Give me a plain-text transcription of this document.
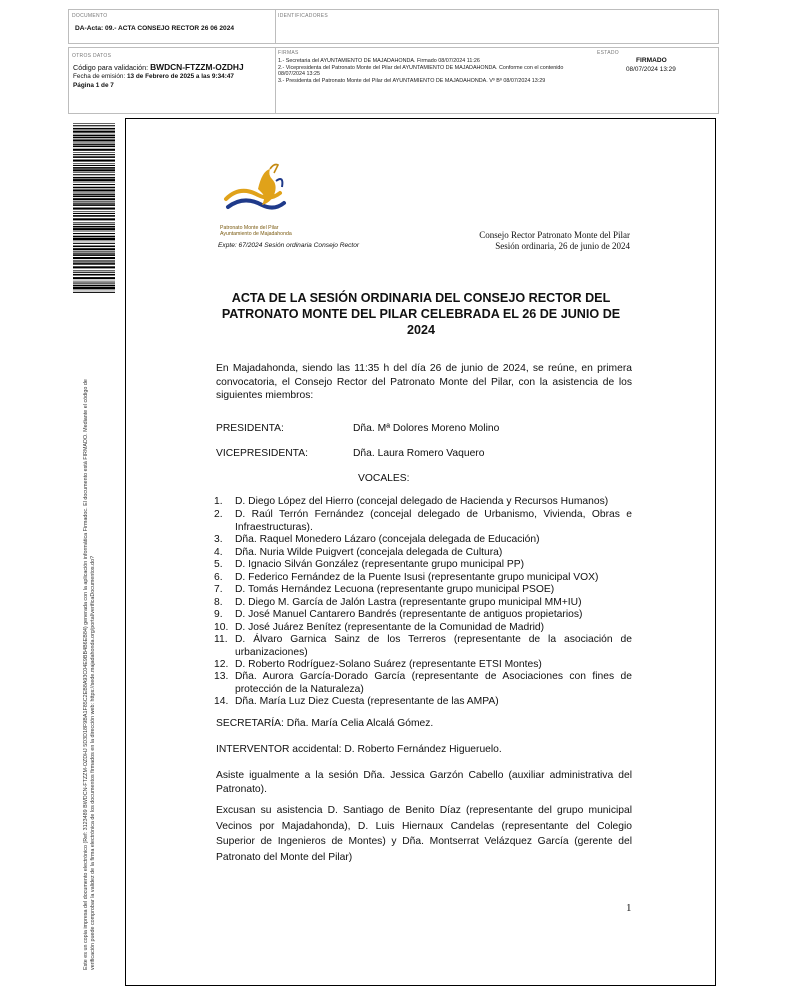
DOCUMENTO
DA-Acta: 09.- ACTA CONSEJO RECTOR 26 06 2024
IDENTIFICADORES
OTROS DATOS
Código para validación: BWDCN-FTZZM-OZDHJ
Fecha de emisión: 13 de Febrero de 2025 a las 9:34:47
Página 1 de 7
FIRMAS
1.- Secretaria del AYUNTAMIENTO DE MAJADAHONDA. Firmado 08/07/2024 11:26
2.- Vicepresidenta del Patronato Monte del Pilar del AYUNTAMIENTO DE MAJADAHONDA. Conforme con el contenido
08/07/2024 13:25
3.- Presidenta del Patronato Monte del Pilar del AYUNTAMIENTO DE MAJADAHONDA. Vº Bº 08/07/2024 13:29
ESTADO
FIRMADO
08/07/2024 13:29
Este es un copia impresa del documento electrónico (Ref: 3123489 BWDCN-FTZZM-OZDHJ 5D3D18F9BA1F85C2EB8A93C04E9BB4B6EB84) generada con la aplicación informática Firmadoc. El documento está FIRMADO. Mediante el código de verificación puede comprobar la validez de la firma electrónica de los documentos firmados en la dirección web: https://sede.majadahonda.org/portal/verificaDocumentos.do?
Patronato Monte del Pilar
Ayuntamiento de Majadahonda
Expte: 67/2024 Sesión ordinaria Consejo Rector
Consejo Rector Patronato Monte del Pilar
Sesión ordinaria, 26 de junio de 2024
ACTA DE LA SESIÓN ORDINARIA DEL CONSEJO RECTOR DEL
PATRONATO MONTE DEL PILAR CELEBRADA EL 26 DE JUNIO DE
2024
En Majadahonda, siendo las 11:35 h del día 26 de junio de 2024, se reúne, en primera convocatoria, el Consejo Rector del Patronato Monte del Pilar, con la asistencia de los siguientes miembros:
PRESIDENTA:	Dña. Mª Dolores Moreno Molino
VICEPRESIDENTA:	Dña. Laura Romero Vaquero
VOCALES:
1. D. Diego López del Hierro (concejal delegado de Hacienda y Recursos Humanos)
2. D. Raúl Terrón Fernández (concejal delegado de Urbanismo, Vivienda, Obras e Infraestructuras).
3. Dña. Raquel Monedero Lázaro (concejala delegada de Educación)
4. Dña. Nuria Wilde Puigvert (concejala delegada de Cultura)
5. D. Ignacio Silván González (representante grupo municipal PP)
6. D. Federico Fernández de la Puente Isusi (representante grupo municipal VOX)
7. D. Tomás Hernández Lecuona (representante grupo municipal PSOE)
8. D. Diego M. García de Jalón Lastra (representante grupo municipal MM+IU)
9. D. José Manuel Cantarero Bandrés (representante de antiguos propietarios)
10. D. José Juárez Benítez (representante de la Comunidad de Madrid)
11. D. Álvaro Garnica Sainz de los Terreros (representante de la asociación de urbanizaciones)
12. D. Roberto Rodríguez-Solano Suárez (representante ETSI Montes)
13. Dña. Aurora García-Dorado García (representante de Asociaciones con fines de protección de la Naturaleza)
14. Dña. María Luz Diez Cuesta (representante de las AMPA)
SECRETARÍA: Dña. María Celia Alcalá Gómez.
INTERVENTOR accidental: D. Roberto Fernández Higueruelo.
Asiste igualmente a la sesión Dña. Jessica Garzón Cabello (auxiliar administrativa del Patronato).
Excusan su asistencia D. Santiago de Benito Díaz (representante del grupo municipal Vecinos por Majadahonda), D. Luis Hiernaux Candelas (representante del Colegio Superior de Ingenieros de Montes) y Dña. Montserrat Velázquez García (gerente del Patronato del Monte del Pilar)
1
